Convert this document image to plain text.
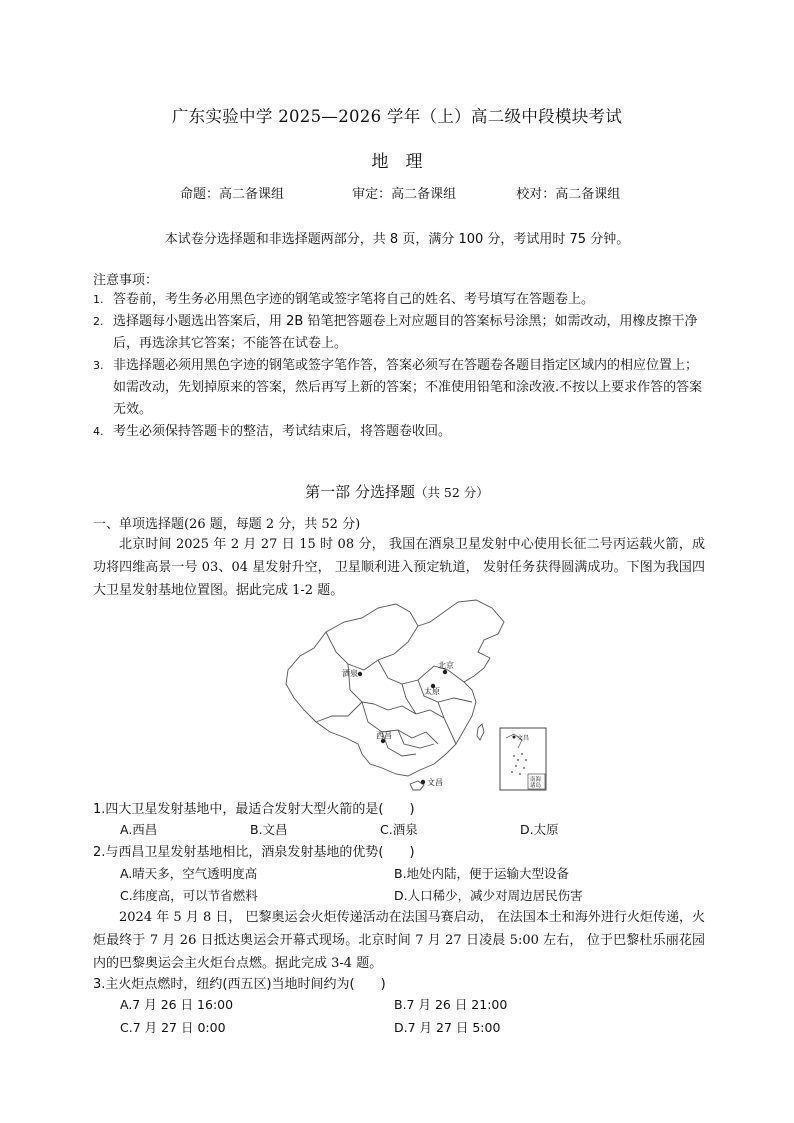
广东实验中学 2025—2026 学年（上）高二级中段模块考试
地　理
命题：高二备课组	审定：高二备课组	校对：高二备课组
本试卷分选择题和非选择题两部分，共 8 页，满分 100 分，考试用时 75 分钟。
注意事项：
1. 答卷前，考生务必用黑色字迹的钢笔或签字笔将自己的姓名、考号填写在答题卷上。
2. 选择题每小题选出答案后，用 2B 铅笔把答题卷上对应题目的答案标号涂黑；如需改动，用橡皮擦干净后，再选涂其它答案；不能答在试卷上。
3. 非选择题必须用黑色字迹的钢笔或签字笔作答，答案必须写在答题卷各题目指定区域内的相应位置上；如需改动，先划掉原来的答案，然后再写上新的答案；不准使用铅笔和涂改液.不按以上要求作答的答案无效。
4. 考生必须保持答题卡的整洁，考试结束后，将答题卷收回。
第一部 分选择题（共 52 分）
一、单项选择题(26 题，每题 2 分，共 52 分)
北京时间 2025 年 2 月 27 日 15 时 08 分， 我国在酒泉卫星发射中心使用长征二号丙运载火箭，成功将四维高景一号 03、04 星发射升空， 卫星顺利进入预定轨道， 发射任务获得圆满成功。下图为我国四大卫星发射基地位置图。据此完成 1-2 题。
酒泉
北京
太原
西昌
文昌
文昌
南海 诸岛
1.四大卫星发射基地中，最适合发射大型火箭的是(　　)
A.西昌	B.文昌	C.酒泉	D.太原
2.与西昌卫星发射基地相比，酒泉发射基地的优势(　　)
A.晴天多，空气透明度高	B.地处内陆，便于运输大型设备
C.纬度高，可以节省燃料	D.人口稀少，减少对周边居民伤害
2024 年 5 月 8 日， 巴黎奥运会火炬传递活动在法国马赛启动， 在法国本土和海外进行火炬传递，火炬最终于 7 月 26 日抵达奥运会开幕式现场。北京时间 7 月 27 日凌晨 5:00 左右， 位于巴黎杜乐丽花园内的巴黎奥运会主火炬台点燃。据此完成 3-4 题。
3.主火炬点燃时，纽约(西五区)当地时间约为(　　)
A.7 月 26 日 16:00	B.7 月 26 日 21:00
C.7 月 27 日 0:00	D.7 月 27 日 5:00
